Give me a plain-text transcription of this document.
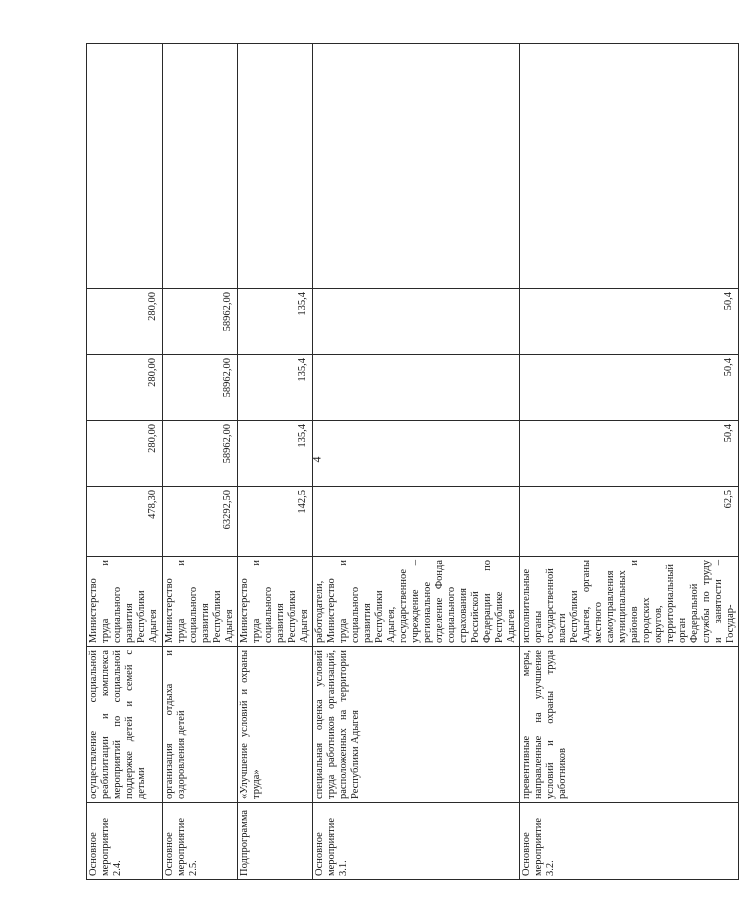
4
Основное мероприятие 2.4.	осуществление социальной реабилитации и комплекса мероприятий по социальной поддержке детей и семей с детьми	Министерство труда и социального развития Республики Адыгея	478,30	280,00	280,00	280,00	
Основное мероприятие 2.5.	организация отдыха и оздоровления детей	Министерство труда и социального развития Республики Адыгея	63292,50	58962,00	58962,00	58962,00	
Подпрограмма	«Улучшение условий и охраны труда»	Министерство труда и социального развития Республики Адыгея	142,5	135,4	135,4	135,4	
Основное мероприятие 3.1.	специальная оценка условий труда работников организаций, расположенных на территории Республики Адыгея	работодатели, Министерство труда и социального развития Республики Адыгея, государственное учреждение – региональное отделение Фонда социального страхования Российской Федерации по Республике Адыгея					
Основное мероприятие 3.2.	превентивные меры, направленные на улучшение условий и охраны труда работников	исполнительные органы государственной власти Республики Адыгея, органы местного самоуправления муниципальных районов и городских округов, территориальный орган Федеральной службы по труду и занятости – Государ-	62,5	50,4	50,4	50,4	
